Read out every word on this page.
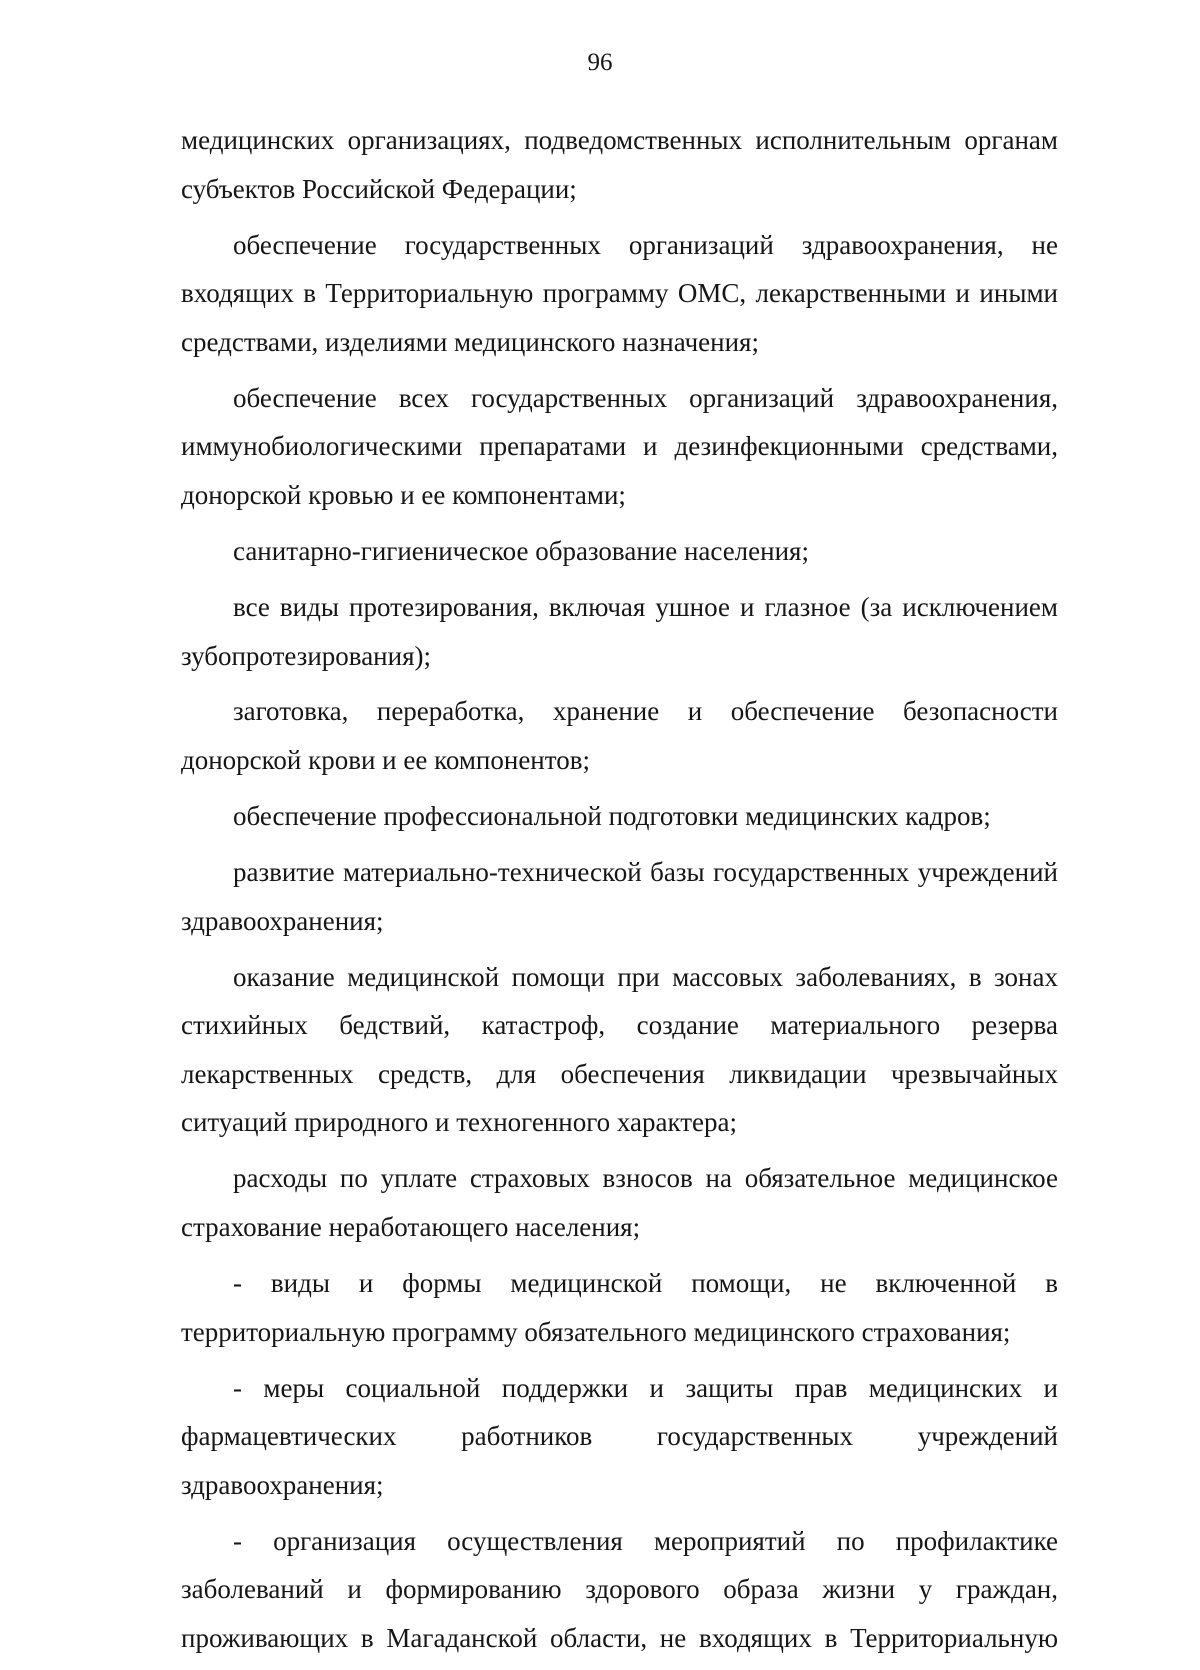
96

медицинских организациях, подведомственных исполнительным органам субъектов Российской Федерации;

обеспечение государственных организаций здравоохранения, не входящих в Территориальную программу ОМС, лекарственными и иными средствами, изделиями медицинского назначения;

обеспечение всех государственных организаций здравоохранения, иммунобиологическими препаратами и дезинфекционными средствами, донорской кровью и ее компонентами;

санитарно-гигиеническое образование населения;

все виды протезирования, включая ушное и глазное (за исключением зубопротезирования);

заготовка, переработка, хранение и обеспечение безопасности донорской крови и ее компонентов;

обеспечение профессиональной подготовки медицинских кадров;

развитие материально-технической базы государственных учреждений здравоохранения;

оказание медицинской помощи при массовых заболеваниях, в зонах стихийных бедствий, катастроф, создание материального резерва лекарственных средств, для обеспечения ликвидации чрезвычайных ситуаций природного и техногенного характера;

расходы по уплате страховых взносов на обязательное медицинское страхование неработающего населения;

- виды и формы медицинской помощи, не включенной в территориальную программу обязательного медицинского страхования;

- меры социальной поддержки и защиты прав медицинских и фармацевтических работников государственных учреждений здравоохранения;

- организация осуществления мероприятий по профилактике заболеваний и формированию здорового образа жизни у граждан, проживающих в Магаданской области, не входящих в Территориальную
